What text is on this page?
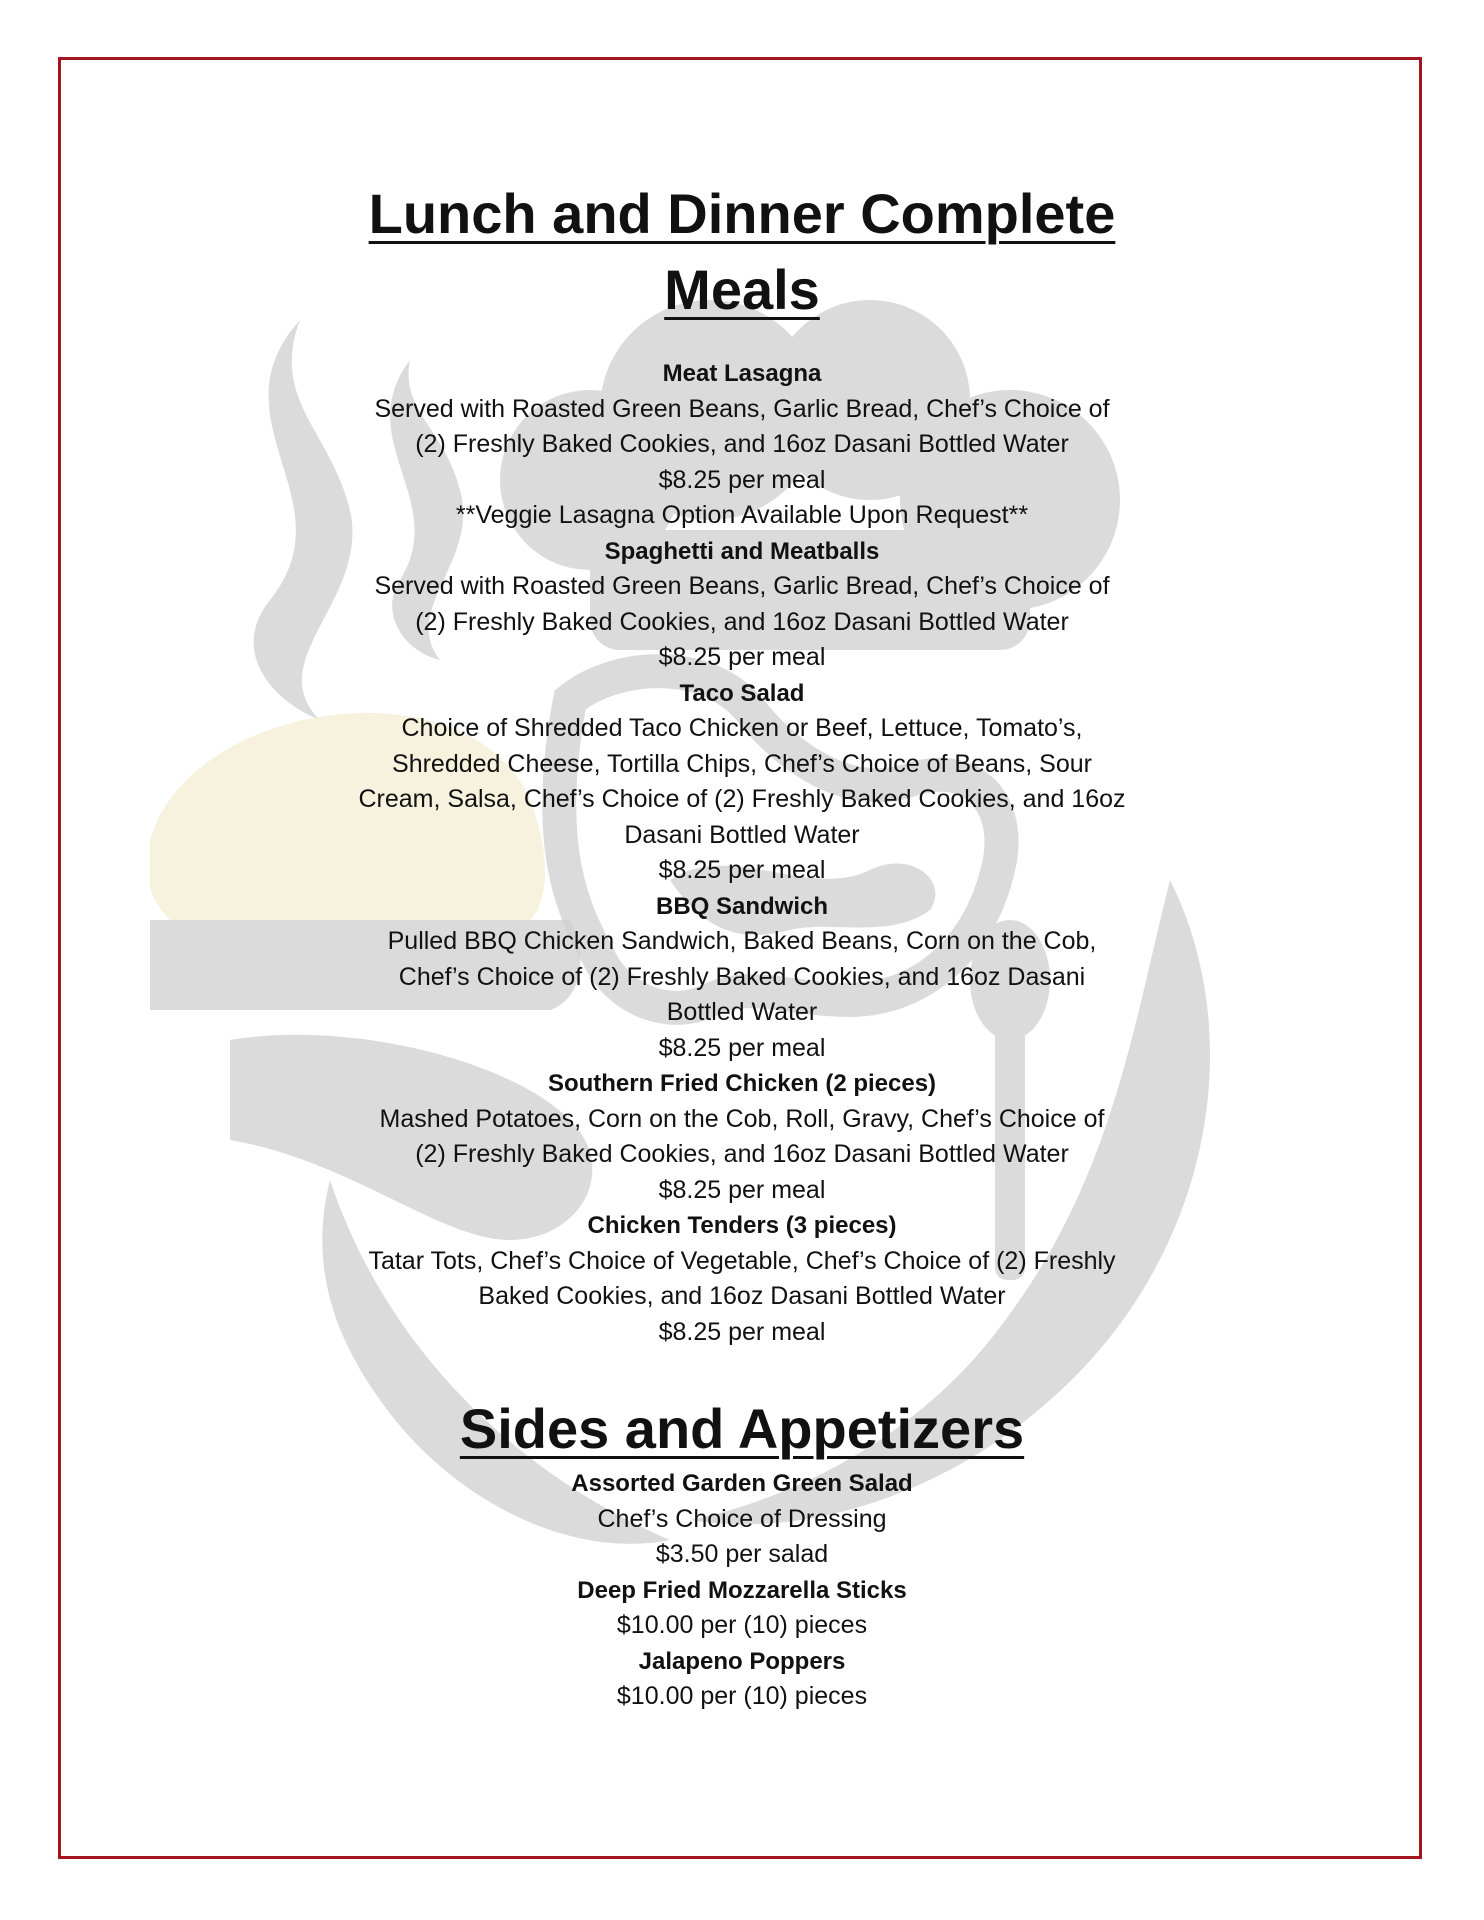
Lunch and Dinner Complete
Meals
Meat Lasagna
Served with Roasted Green Beans, Garlic Bread, Chef’s Choice of
(2) Freshly Baked Cookies, and 16oz Dasani Bottled Water
$8.25 per meal
**Veggie Lasagna Option Available Upon Request**
Spaghetti and Meatballs
Served with Roasted Green Beans, Garlic Bread, Chef’s Choice of
(2) Freshly Baked Cookies, and 16oz Dasani Bottled Water
$8.25 per meal
Taco Salad
Choice of Shredded Taco Chicken or Beef, Lettuce, Tomato’s,
Shredded Cheese, Tortilla Chips, Chef’s Choice of Beans, Sour
Cream, Salsa, Chef’s Choice of (2) Freshly Baked Cookies, and 16oz
Dasani Bottled Water
$8.25 per meal
BBQ Sandwich
Pulled BBQ Chicken Sandwich, Baked Beans, Corn on the Cob,
Chef’s Choice of (2) Freshly Baked Cookies, and 16oz Dasani
Bottled Water
$8.25 per meal
Southern Fried Chicken (2 pieces)
Mashed Potatoes, Corn on the Cob, Roll, Gravy, Chef’s Choice of
(2) Freshly Baked Cookies, and 16oz Dasani Bottled Water
$8.25 per meal
Chicken Tenders (3 pieces)
Tatar Tots, Chef’s Choice of Vegetable, Chef’s Choice of (2) Freshly
Baked Cookies, and 16oz Dasani Bottled Water
$8.25 per meal
Sides and Appetizers
Assorted Garden Green Salad
Chef’s Choice of Dressing
$3.50 per salad
Deep Fried Mozzarella Sticks
$10.00 per (10) pieces
Jalapeno Poppers
$10.00 per (10) pieces
